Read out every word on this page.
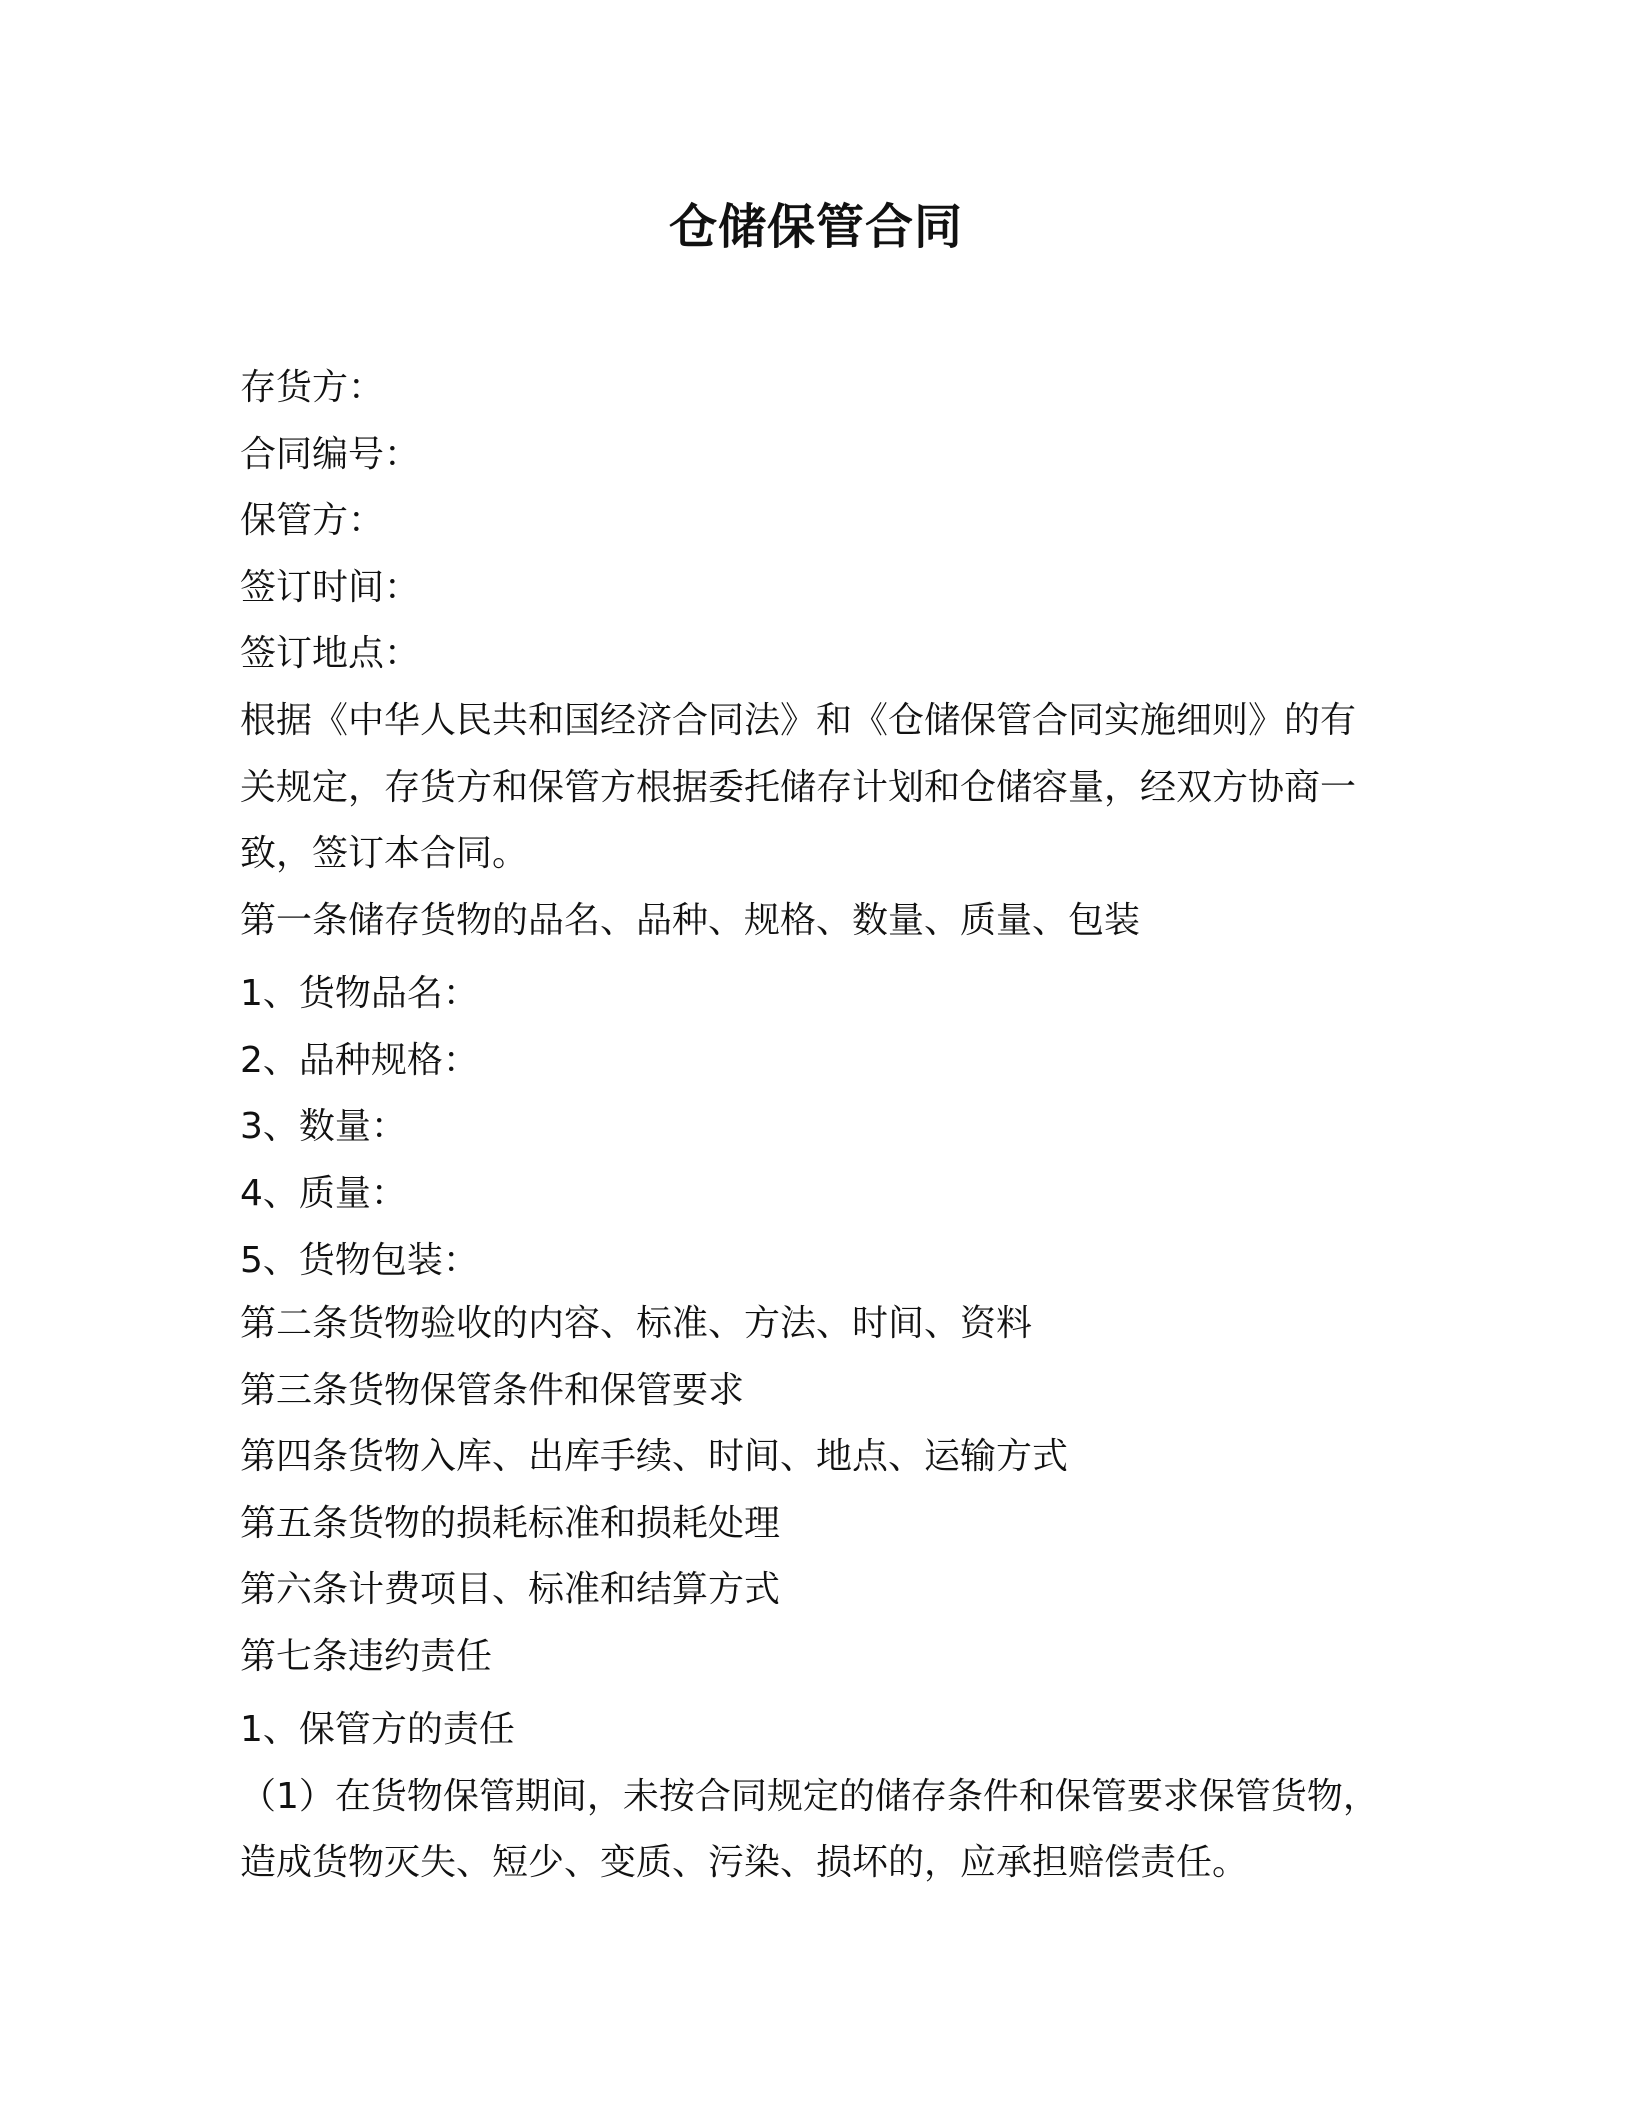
仓储保管合同
存货方：
合同编号：
保管方：
签订时间：
签订地点：
根据《中华人民共和国经济合同法》和《仓储保管合同实施细则》的有
关规定，存货方和保管方根据委托储存计划和仓储容量，经双方协商一
致，签订本合同。
第一条储存货物的品名、品种、规格、数量、质量、包装
1、货物品名：
2、品种规格：
3、数量：
4、质量：
5、货物包装：
第二条货物验收的内容、标准、方法、时间、资料
第三条货物保管条件和保管要求
第四条货物入库、出库手续、时间、地点、运输方式
第五条货物的损耗标准和损耗处理
第六条计费项目、标准和结算方式
第七条违约责任
1、保管方的责任
（1）在货物保管期间，未按合同规定的储存条件和保管要求保管货物，
造成货物灭失、短少、变质、污染、损坏的，应承担赔偿责任。
